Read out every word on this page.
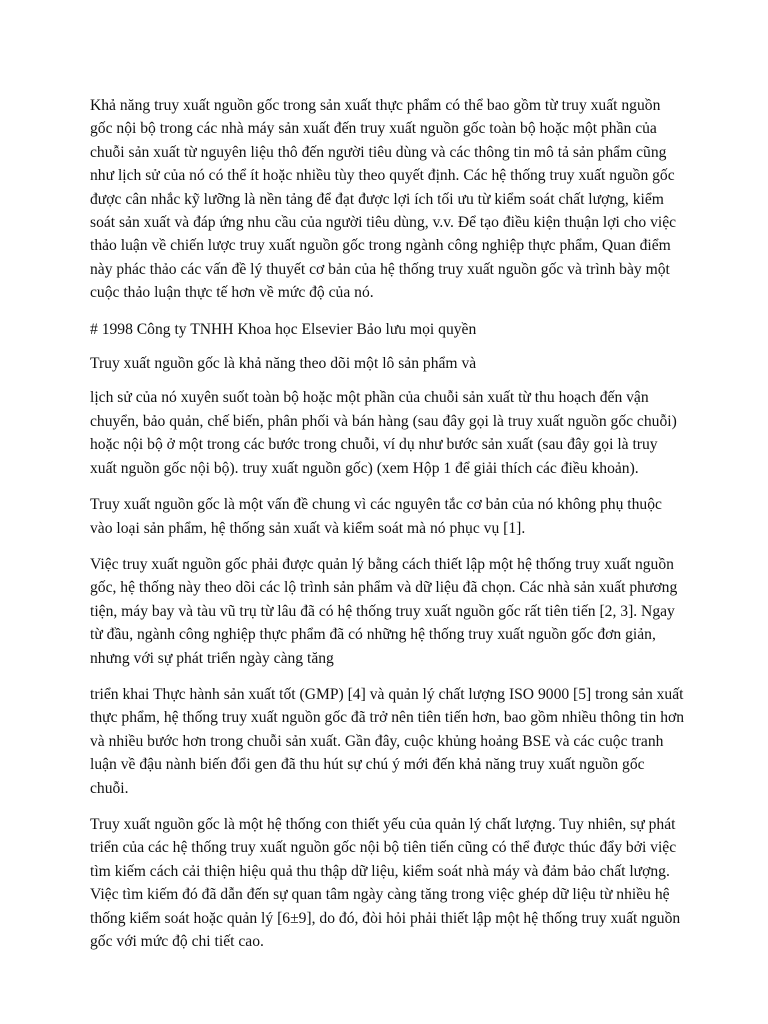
Khả năng truy xuất nguồn gốc trong sản xuất thực phẩm có thể bao gồm từ truy xuất nguồn gốc nội bộ trong các nhà máy sản xuất đến truy xuất nguồn gốc toàn bộ hoặc một phần của chuỗi sản xuất từ nguyên liệu thô đến người tiêu dùng và các thông tin mô tả sản phẩm cũng như lịch sử của nó có thể ít hoặc nhiều tùy theo quyết định. Các hệ thống truy xuất nguồn gốc được cân nhắc kỹ lưỡng là nền tảng để đạt được lợi ích tối ưu từ kiểm soát chất lượng, kiểm soát sản xuất và đáp ứng nhu cầu của người tiêu dùng, v.v. Để tạo điều kiện thuận lợi cho việc thảo luận về chiến lược truy xuất nguồn gốc trong ngành công nghiệp thực phẩm, Quan điểm này phác thảo các vấn đề lý thuyết cơ bản của hệ thống truy xuất nguồn gốc và trình bày một cuộc thảo luận thực tế hơn về mức độ của nó.

# 1998 Công ty TNHH Khoa học Elsevier Bảo lưu mọi quyền

Truy xuất nguồn gốc là khả năng theo dõi một lô sản phẩm và

lịch sử của nó xuyên suốt toàn bộ hoặc một phần của chuỗi sản xuất từ thu hoạch đến vận chuyển, bảo quản, chế biến, phân phối và bán hàng (sau đây gọi là truy xuất nguồn gốc chuỗi) hoặc nội bộ ở một trong các bước trong chuỗi, ví dụ như bước sản xuất (sau đây gọi là truy xuất nguồn gốc nội bộ). truy xuất nguồn gốc) (xem Hộp 1 để giải thích các điều khoản).

Truy xuất nguồn gốc là một vấn đề chung vì các nguyên tắc cơ bản của nó không phụ thuộc vào loại sản phẩm, hệ thống sản xuất và kiểm soát mà nó phục vụ [1].

Việc truy xuất nguồn gốc phải được quản lý bằng cách thiết lập một hệ thống truy xuất nguồn gốc, hệ thống này theo dõi các lộ trình sản phẩm và dữ liệu đã chọn. Các nhà sản xuất phương tiện, máy bay và tàu vũ trụ từ lâu đã có hệ thống truy xuất nguồn gốc rất tiên tiến [2, 3]. Ngay từ đầu, ngành công nghiệp thực phẩm đã có những hệ thống truy xuất nguồn gốc đơn giản, nhưng với sự phát triển ngày càng tăng

triển khai Thực hành sản xuất tốt (GMP) [4] và quản lý chất lượng ISO 9000 [5] trong sản xuất thực phẩm, hệ thống truy xuất nguồn gốc đã trở nên tiên tiến hơn, bao gồm nhiều thông tin hơn và nhiều bước hơn trong chuỗi sản xuất. Gần đây, cuộc khủng hoảng BSE và các cuộc tranh luận về đậu nành biến đổi gen đã thu hút sự chú ý mới đến khả năng truy xuất nguồn gốc chuỗi.

Truy xuất nguồn gốc là một hệ thống con thiết yếu của quản lý chất lượng. Tuy nhiên, sự phát triển của các hệ thống truy xuất nguồn gốc nội bộ tiên tiến cũng có thể được thúc đẩy bởi việc tìm kiếm cách cải thiện hiệu quả thu thập dữ liệu, kiểm soát nhà máy và đảm bảo chất lượng. Việc tìm kiếm đó đã dẫn đến sự quan tâm ngày càng tăng trong việc ghép dữ liệu từ nhiều hệ thống kiểm soát hoặc quản lý [6±9], do đó, đòi hỏi phải thiết lập một hệ thống truy xuất nguồn gốc với mức độ chi tiết cao.
